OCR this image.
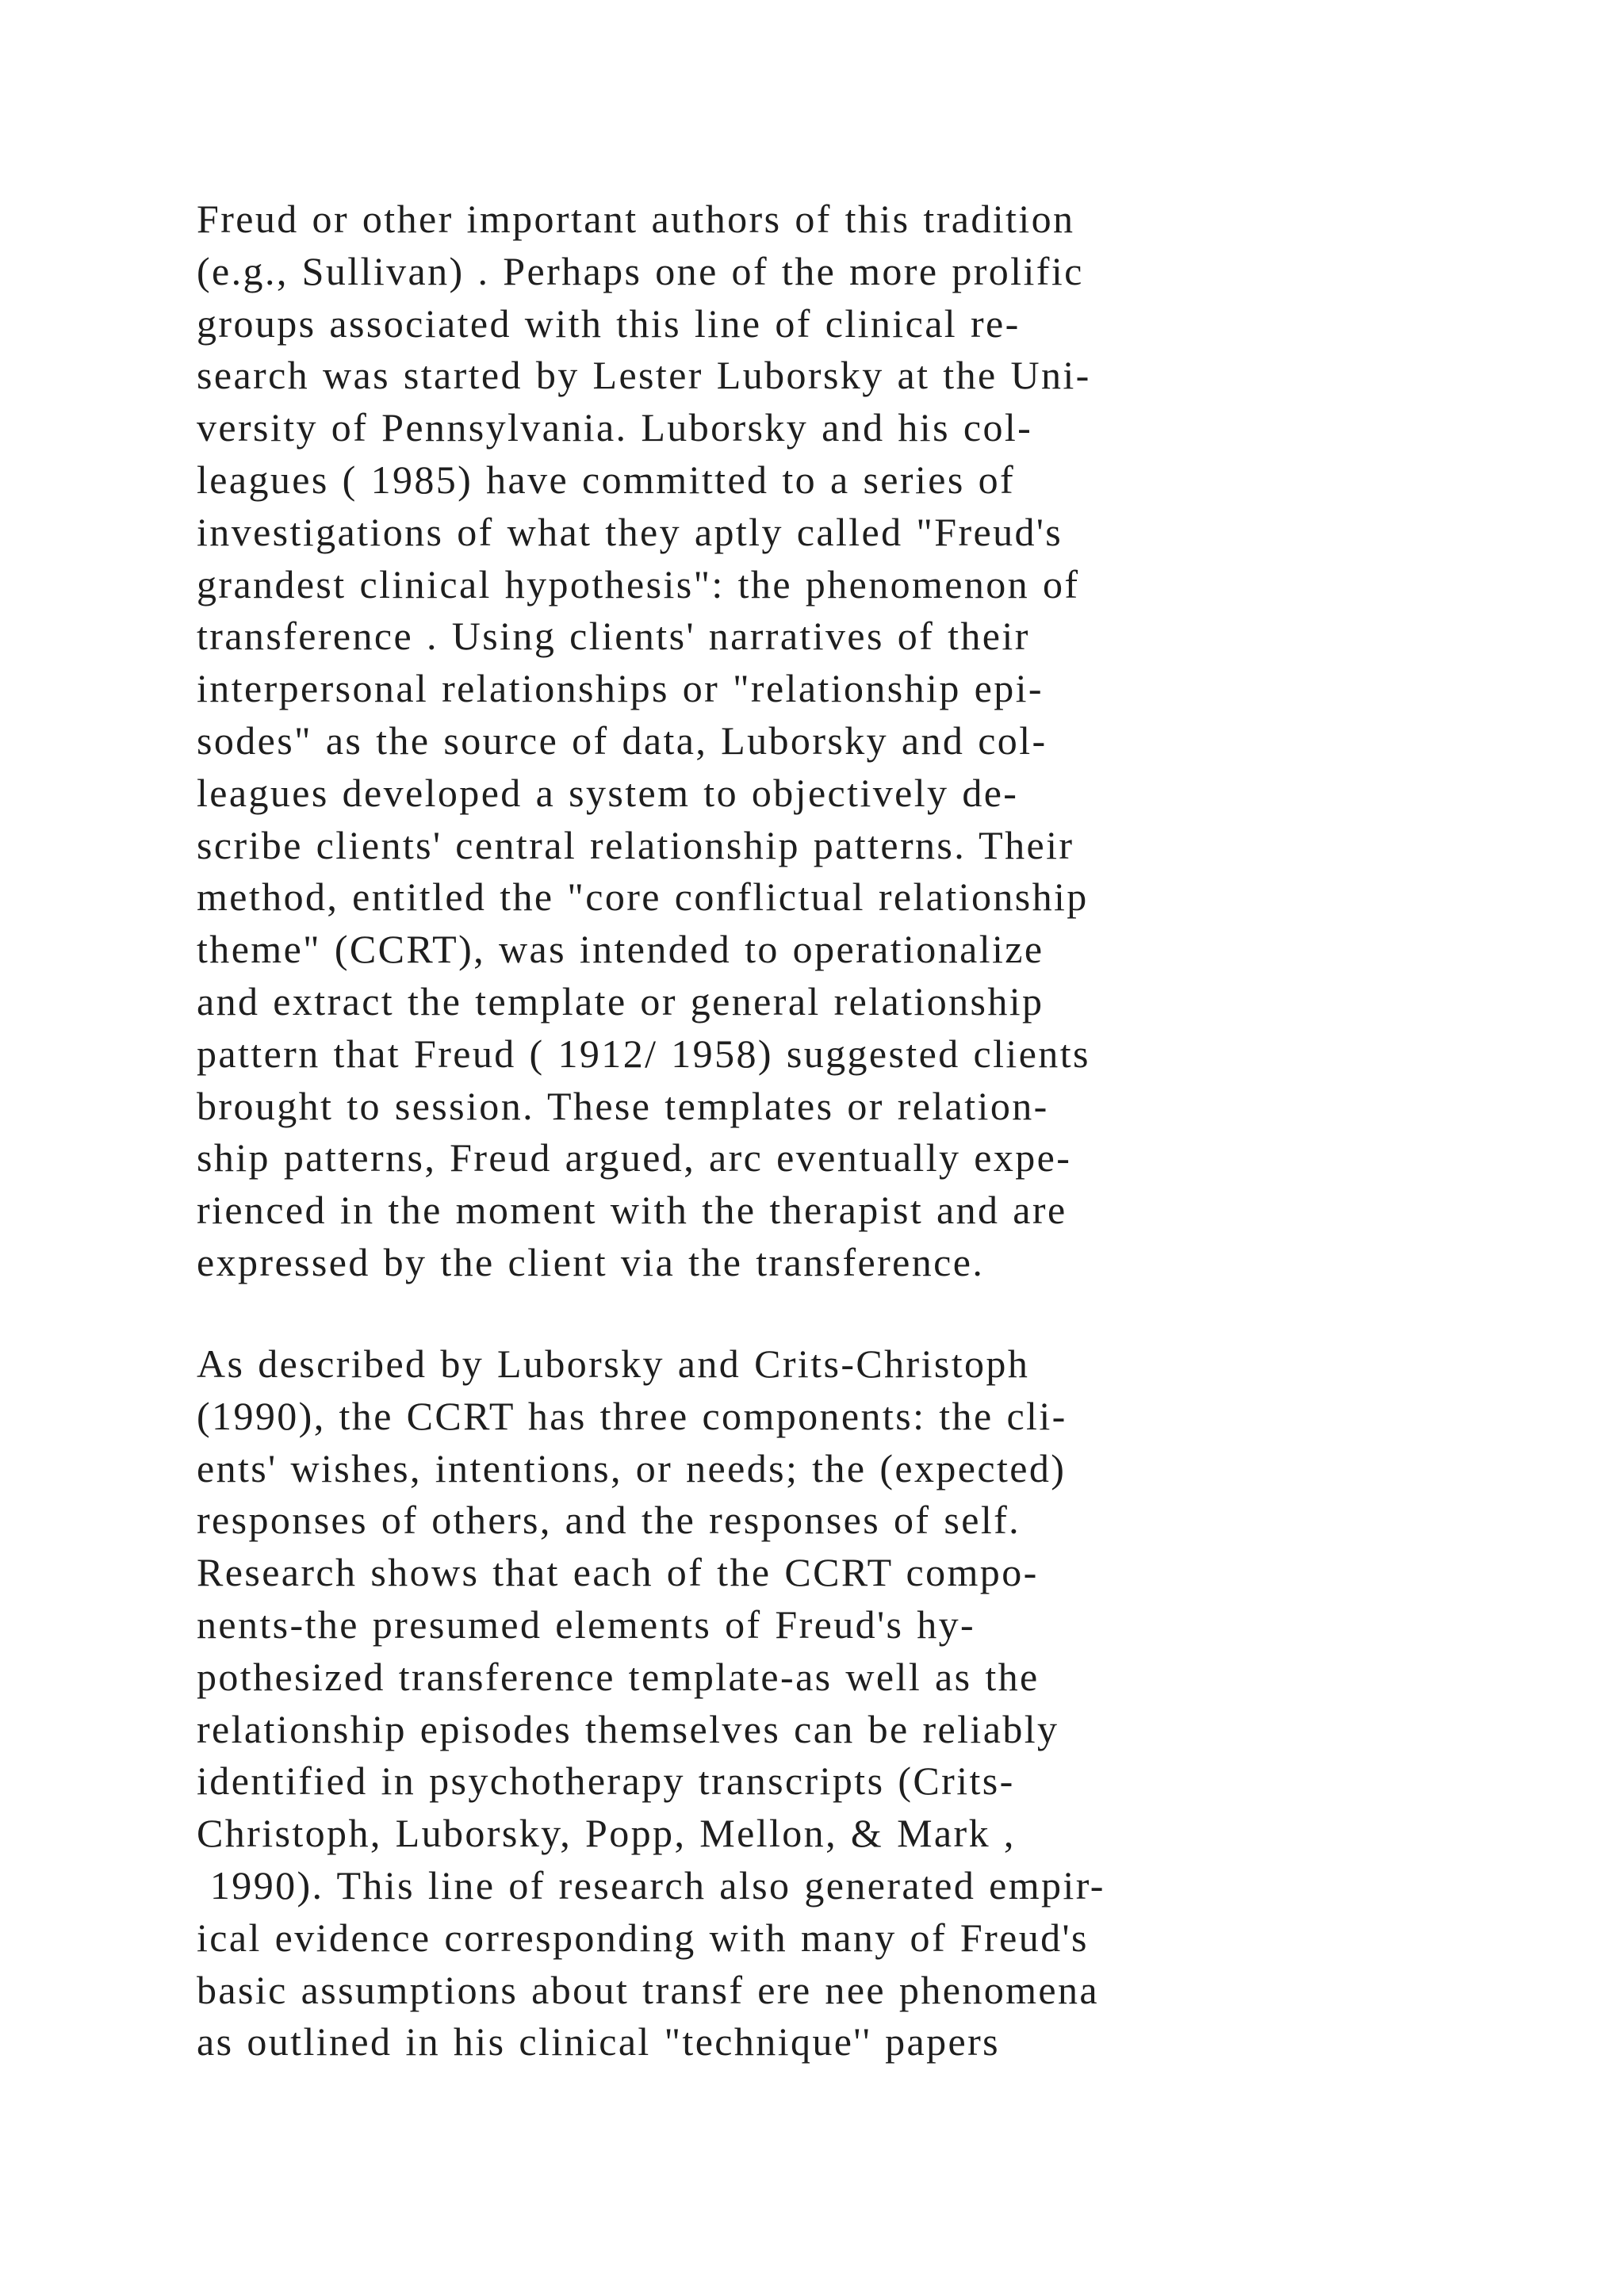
Freud or other important authors of this tradition
(e.g., Sullivan) . Perhaps one of the more prolific
groups associated with this line of clinical re-
search was started by Lester Luborsky at the Uni-
versity of Pennsylvania. Luborsky and his col-
leagues ( 1985) have committed to a series of
investigations of what they aptly called "Freud's
grandest clinical hypothesis": the phenomenon of
transference . Using clients' narratives of their
interpersonal relationships or "relationship epi-
sodes" as the source of data, Luborsky and col-
leagues developed a system to objectively de-
scribe clients' central relationship patterns. Their
method, entitled the "core conflictual relationship
theme" (CCRT), was intended to operationalize
and extract the template or general relationship
pattern that Freud ( 1912/ 1958) suggested clients
brought to session. These templates or relation-
ship patterns, Freud argued, arc eventually expe-
rienced in the moment with the therapist and are
expressed by the client via the transference.

As described by Luborsky and Crits-Christoph
(1990), the CCRT has three components: the cli-
ents' wishes, intentions, or needs; the (expected)
responses of others, and the responses of self.
Research shows that each of the CCRT compo-
nents-the presumed elements of Freud's hy-
pothesized transference template-as well as the
relationship episodes themselves can be reliably
identified in psychotherapy transcripts (Crits-
Christoph, Luborsky, Popp, Mellon, & Mark ,
1990). This line of research also generated empir-
ical evidence corresponding with many of Freud's
basic assumptions about transf ere nee phenomena
as outlined in his clinical "technique'' papers
